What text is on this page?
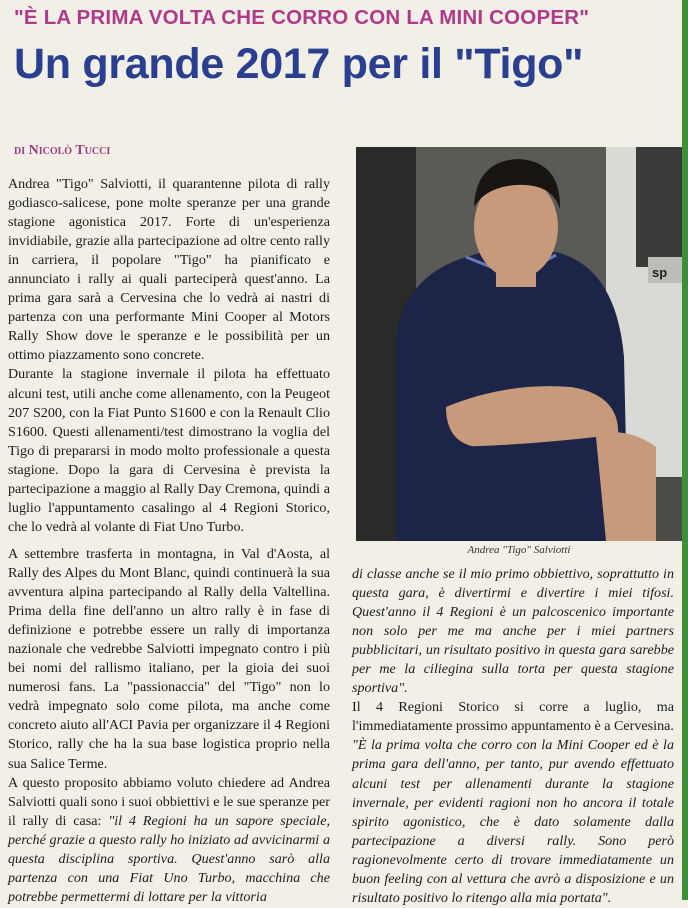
"È LA PRIMA VOLTA CHE CORRO CON LA MINI COOPER"
Un grande 2017 per il "Tigo"
di Nicolò Tucci

Andrea "Tigo" Salviotti, il quarantenne pilota di rally godiasco-salicese, pone molte speranze per una grande stagione agonistica 2017. Forte di un'esperienza invidiabile, grazie alla partecipazione ad oltre cento rally in carriera, il popolare "Tigo" ha pianificato e annunciato i rally ai quali parteciperà quest'anno. La prima gara sarà a Cervesina che lo vedrà ai nastri di partenza con una performante Mini Cooper al Motors Rally Show dove le speranze e le possibilità per un ottimo piazzamento sono concrete.

Durante la stagione invernale il pilota ha effettuato alcuni test, utili anche come allenamento, con la Peugeot 207 S200, con la Fiat Punto S1600 e con la Renault Clio S1600. Questi allenamenti/test dimostrano la voglia del Tigo di prepararsi in modo molto professionale a questa stagione. Dopo la gara di Cervesina è prevista la partecipazione a maggio al Rally Day Cremona, quindi a luglio l'appuntamento casalingo al 4 Regioni Storico, che lo vedrà al volante di Fiat Uno Turbo.

sp
Andrea "Tigo" Salviotti

A settembre trasferta in montagna, in Val d'Aosta, al Rally des Alpes du Mont Blanc, quindi continuerà la sua avventura alpina partecipando al Rally della Valtellina. Prima della fine dell'anno un altro rally è in fase di definizione e potrebbe essere un rally di importanza nazionale che vedrebbe Salviotti impegnato contro i più bei nomi del rallismo italiano, per la gioia dei suoi numerosi fans. La "passionaccia" del "Tigo" non lo vedrà impegnato solo come pilota, ma anche come concreto aiuto all'ACI Pavia per organizzare il 4 Regioni Storico, rally che ha la sua base logistica proprio nella sua Salice Terme.

A questo proposito abbiamo voluto chiedere ad Andrea Salviotti quali sono i suoi obbiettivi e le sue speranze per il rally di casa: "il 4 Regioni ha un sapore speciale, perché grazie a questo rally ho iniziato ad avvicinarmi a questa disciplina sportiva. Quest'anno sarò alla partenza con una Fiat Uno Turbo, macchina che potrebbe permettermi di lottare per la vittoria

di classe anche se il mio primo obbiettivo, soprattutto in questa gara, è divertirmi e divertire i miei tifosi. Quest'anno il 4 Regioni è un palcoscenico importante non solo per me ma anche per i miei partners pubblicitari, un risultato positivo in questa gara sarebbe per me la ciliegina sulla torta per questa stagione sportiva".

Il 4 Regioni Storico si corre a luglio, ma l'immediatamente prossimo appuntamento è a Cervesina.

"È la prima volta che corro con la Mini Cooper ed è la prima gara dell'anno, per tanto, pur avendo effettuato alcuni test per allenamenti durante la stagione invernale, per evidenti ragioni non ho ancora il totale spirito agonistico, che è dato solamente dalla partecipazione a diversi rally. Sono però ragionevolmente certo di trovare immediatamente un buon feeling con al vettura che avrò a disposizione e un risultato positivo lo ritengo alla mia portata".
